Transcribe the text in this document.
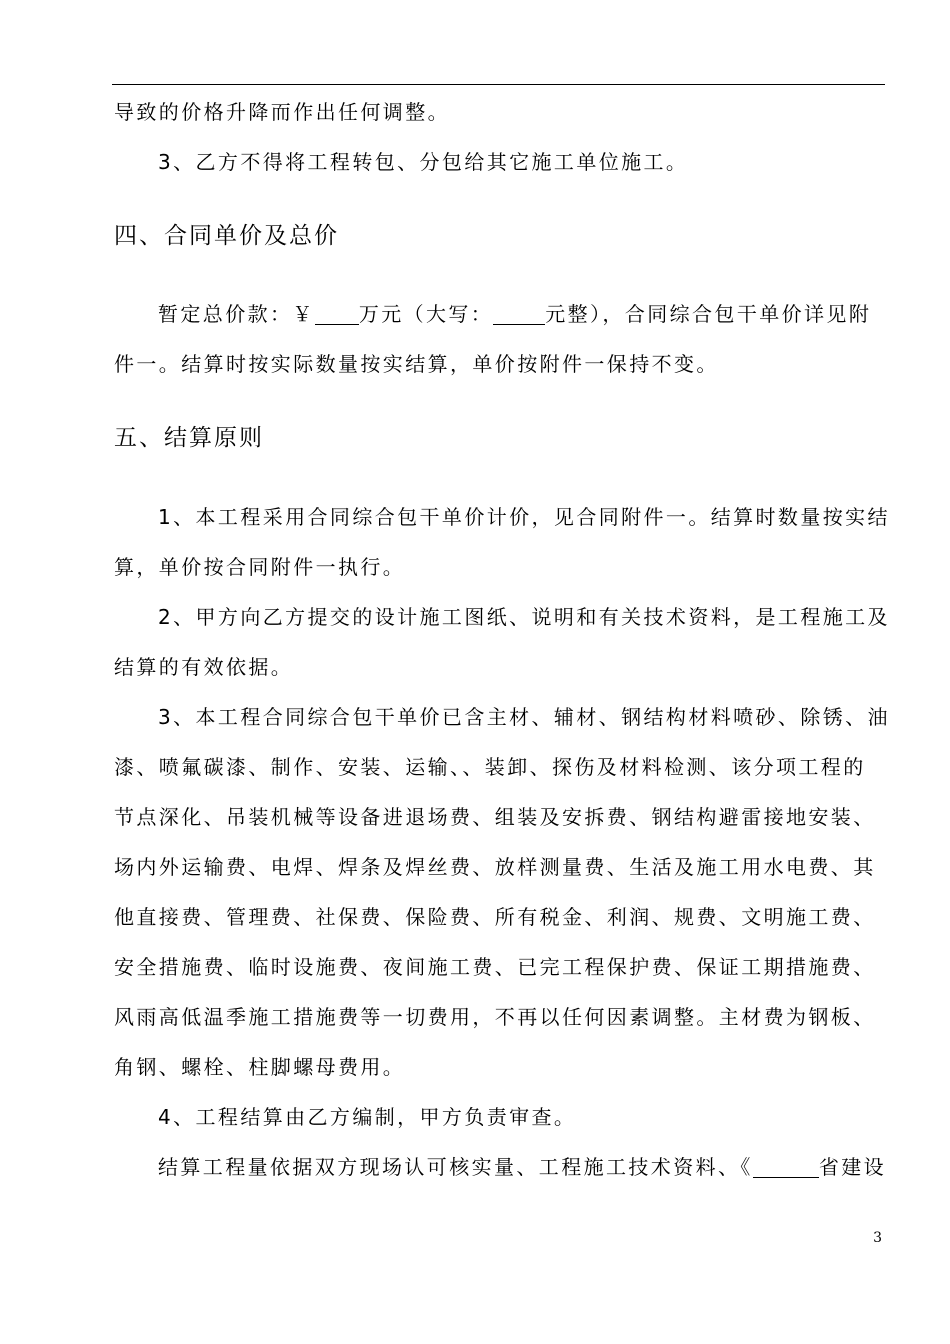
导致的价格升降而作出任何调整。
3、乙方不得将工程转包、分包给其它施工单位施工。
四、合同单价及总价
暂定总价款：￥ 万元（大写：	元整），合同综合包干单价详见附
件一。结算时按实际数量按实结算，单价按附件一保持不变。
五、结算原则
1、本工程采用合同综合包干单价计价，见合同附件一。结算时数量按实结
算，单价按合同附件一执行。
2、甲方向乙方提交的设计施工图纸、说明和有关技术资料，是工程施工及
结算的有效依据。
3、本工程合同综合包干单价已含主材、辅材、钢结构材料喷砂、除锈、油
漆、喷氟碳漆、制作、安装、运输、、装卸、探伤及材料检测、该分项工程的
节点深化、吊装机械等设备进退场费、组装及安拆费、钢结构避雷接地安装、
场内外运输费、电焊、焊条及焊丝费、放样测量费、生活及施工用水电费、其
他直接费、管理费、社保费、保险费、所有税金、利润、规费、文明施工费、
安全措施费、临时设施费、夜间施工费、已完工程保护费、保证工期措施费、
风雨高低温季施工措施费等一切费用，不再以任何因素调整。主材费为钢板、
角钢、螺栓、柱脚螺母费用。
4、工程结算由乙方编制，甲方负责审查。
结算工程量依据双方现场认可核实量、工程施工技术资料、《	省建设
3
